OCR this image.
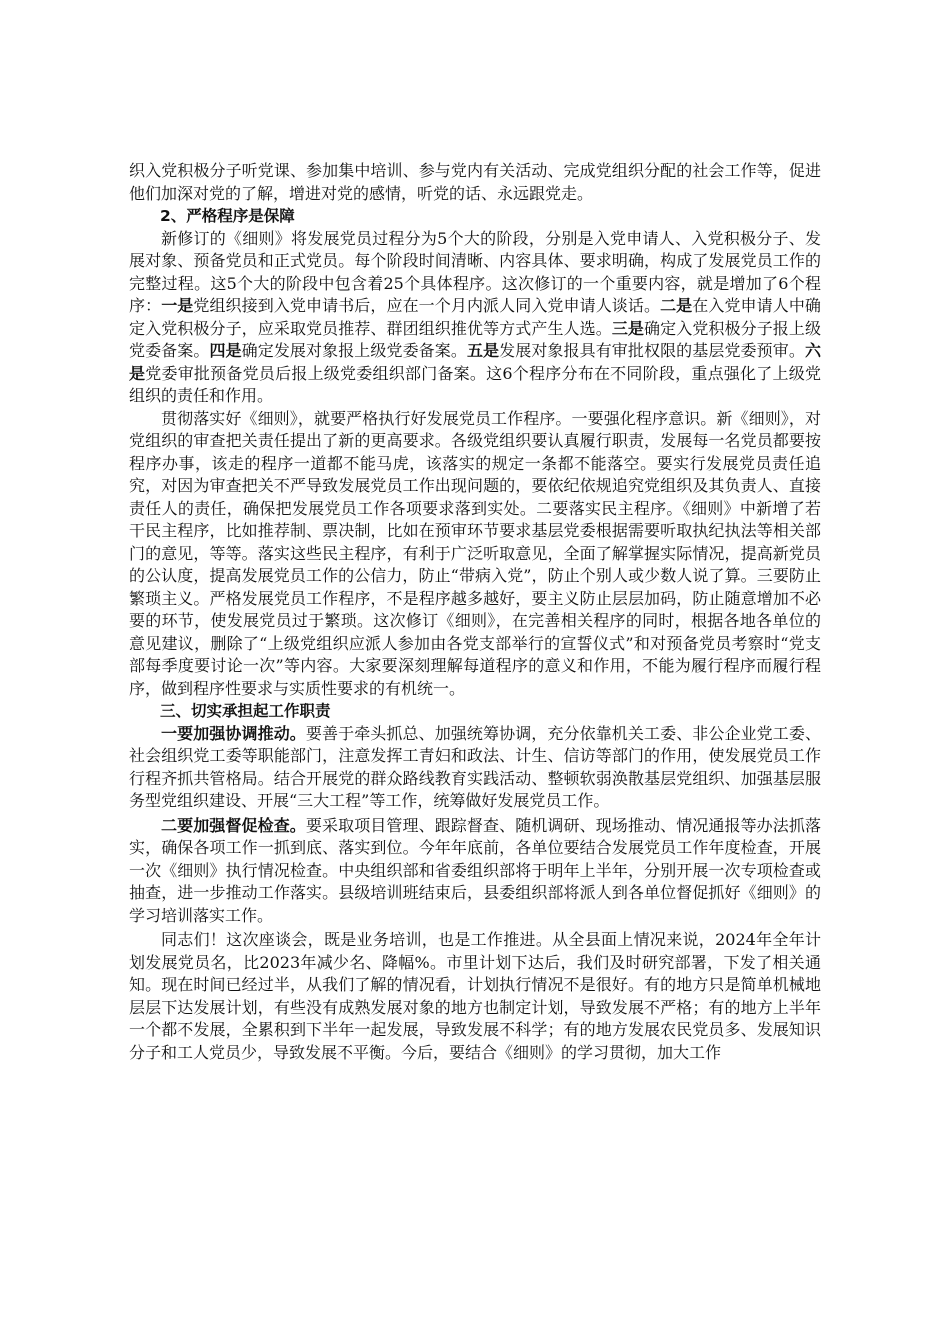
织入党积极分子听党课、参加集中培训、参与党内有关活动、完成党组织分配的社会工作等，促进他们加深对党的了解，增进对党的感情，听党的话、永远跟党走。

2、严格程序是保障

新修订的《细则》将发展党员过程分为5个大的阶段，分别是入党申请人、入党积极分子、发展对象、预备党员和正式党员。每个阶段时间清晰、内容具体、要求明确，构成了发展党员工作的完整过程。这5个大的阶段中包含着25个具体程序。这次修订的一个重要内容，就是增加了6个程序：一是党组织接到入党申请书后，应在一个月内派人同入党申请人谈话。二是在入党申请人中确定入党积极分子，应采取党员推荐、群团组织推优等方式产生人选。三是确定入党积极分子报上级党委备案。四是确定发展对象报上级党委备案。五是发展对象报具有审批权限的基层党委预审。六是党委审批预备党员后报上级党委组织部门备案。这6个程序分布在不同阶段，重点强化了上级党组织的责任和作用。

贯彻落实好《细则》，就要严格执行好发展党员工作程序。一要强化程序意识。新《细则》，对党组织的审查把关责任提出了新的更高要求。各级党组织要认真履行职责，发展每一名党员都要按程序办事，该走的程序一道都不能马虎，该落实的规定一条都不能落空。要实行发展党员责任追究，对因为审查把关不严导致发展党员工作出现问题的，要依纪依规追究党组织及其负责人、直接责任人的责任，确保把发展党员工作各项要求落到实处。二要落实民主程序。《细则》中新增了若干民主程序，比如推荐制、票决制，比如在预审环节要求基层党委根据需要听取执纪执法等相关部门的意见，等等。落实这些民主程序，有利于广泛听取意见，全面了解掌握实际情况，提高新党员的公认度，提高发展党员工作的公信力，防止“带病入党”，防止个别人或少数人说了算。三要防止繁琐主义。严格发展党员工作程序，不是程序越多越好，要主义防止层层加码，防止随意增加不必要的环节，使发展党员过于繁琐。这次修订《细则》，在完善相关程序的同时，根据各地各单位的意见建议，删除了“上级党组织应派人参加由各党支部举行的宣誓仪式”和对预备党员考察时“党支部每季度要讨论一次”等内容。大家要深刻理解每道程序的意义和作用，不能为履行程序而履行程序，做到程序性要求与实质性要求的有机统一。

三、切实承担起工作职责

一要加强协调推动。要善于牵头抓总、加强统筹协调，充分依靠机关工委、非公企业党工委、社会组织党工委等职能部门，注意发挥工青妇和政法、计生、信访等部门的作用，使发展党员工作行程齐抓共管格局。结合开展党的群众路线教育实践活动、整顿软弱涣散基层党组织、加强基层服务型党组织建设、开展“三大工程”等工作，统筹做好发展党员工作。

二要加强督促检查。要采取项目管理、跟踪督查、随机调研、现场推动、情况通报等办法抓落实，确保各项工作一抓到底、落实到位。今年年底前，各单位要结合发展党员工作年度检查，开展一次《细则》执行情况检查。中央组织部和省委组织部将于明年上半年，分别开展一次专项检查或抽查，进一步推动工作落实。县级培训班结束后，县委组织部将派人到各单位督促抓好《细则》的学习培训落实工作。

同志们！这次座谈会，既是业务培训，也是工作推进。从全县面上情况来说，2024年全年计划发展党员名，比2023年减少名、降幅%。市里计划下达后，我们及时研究部署，下发了相关通知。现在时间已经过半，从我们了解的情况看，计划执行情况不是很好。有的地方只是简单机械地层层下达发展计划，有些没有成熟发展对象的地方也制定计划，导致发展不严格；有的地方上半年一个都不发展，全累积到下半年一起发展，导致发展不科学；有的地方发展农民党员多、发展知识分子和工人党员少，导致发展不平衡。今后，要结合《细则》的学习贯彻，加大工作
